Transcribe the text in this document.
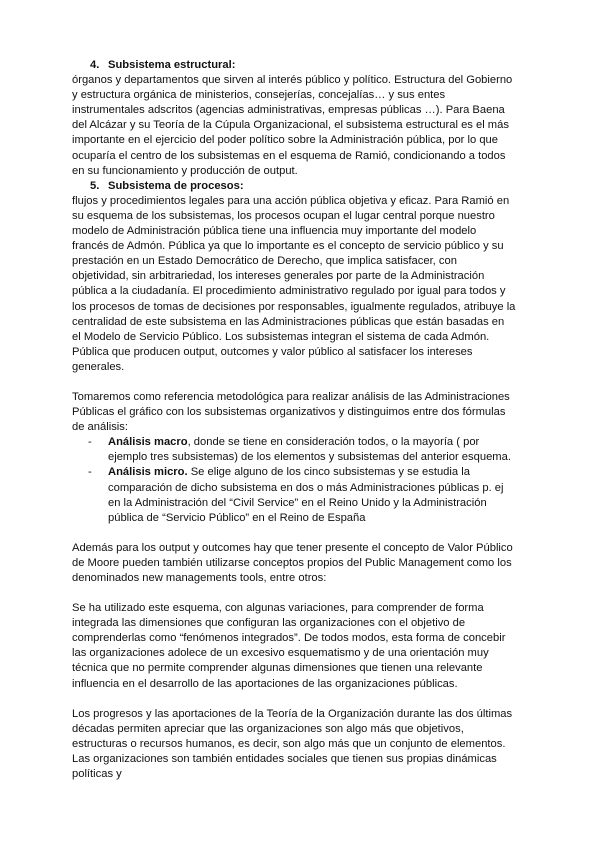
4. Subsistema estructural:

órganos y departamentos que sirven al interés público y político. Estructura del Gobierno y estructura orgánica de ministerios, consejerías, concejalías… y sus entes instrumentales adscritos (agencias administrativas, empresas públicas …). Para Baena del Alcázar y su Teoría de la Cúpula Organizacional, el subsistema estructural es el más importante en el ejercicio del poder político sobre la Administración pública, por lo que ocuparía el centro de los subsistemas en el esquema de Ramió, condicionando a todos en su funcionamiento y producción de output.

5. Subsistema de procesos:

flujos y procedimientos legales para una acción pública objetiva y eficaz. Para Ramió en su esquema de los subsistemas, los procesos ocupan el lugar central porque nuestro modelo de Administración pública tiene una influencia muy importante del modelo francés de Admón. Pública ya que lo importante es el concepto de servicio público y su prestación en un Estado Democrático de Derecho, que implica satisfacer, con objetividad, sin arbitrariedad, los intereses generales por parte de la Administración pública a la ciudadanía. El procedimiento administrativo regulado por igual para todos y los procesos de tomas de decisiones por responsables, igualmente regulados, atribuye la centralidad de este subsistema en las Administraciones públicas que están basadas en el Modelo de Servicio Público. Los subsistemas integran el sistema de cada Admón. Pública que producen output, outcomes y valor público al satisfacer los intereses generales.

Tomaremos como referencia metodológica para realizar análisis de las Administraciones Públicas el gráfico con los subsistemas organizativos y distinguimos entre dos fórmulas de análisis:

-	Análisis macro, donde se tiene en consideración todos, o la mayoría ( por ejemplo tres subsistemas) de los elementos y subsistemas del anterior esquema.
-	Análisis micro. Se elige alguno de los cinco subsistemas y se estudia la comparación de dicho subsistema en dos o más Administraciones públicas p. ej en la Administración del “Civil Service” en el Reino Unido y la Administración pública de “Servicio Público” en el Reino de España

Además para los output y outcomes hay que tener presente el concepto de Valor Público de Moore pueden también utilizarse conceptos propios del Public Management como los denominados new managements tools, entre otros:

Se ha utilizado este esquema, con algunas variaciones, para comprender de forma integrada las dimensiones que configuran las organizaciones con el objetivo de comprenderlas como “fenómenos integrados”. De todos modos, esta forma de concebir las organizaciones adolece de un excesivo esquematismo y de una orientación muy técnica que no permite comprender algunas dimensiones que tienen una relevante influencia en el desarrollo de las aportaciones de las organizaciones públicas.

Los progresos y las aportaciones de la Teoría de la Organización durante las dos últimas décadas permiten apreciar que las organizaciones son algo más que objetivos, estructuras o recursos humanos, es decir, son algo más que un conjunto de elementos. Las organizaciones son también entidades sociales que tienen sus propias dinámicas políticas y
